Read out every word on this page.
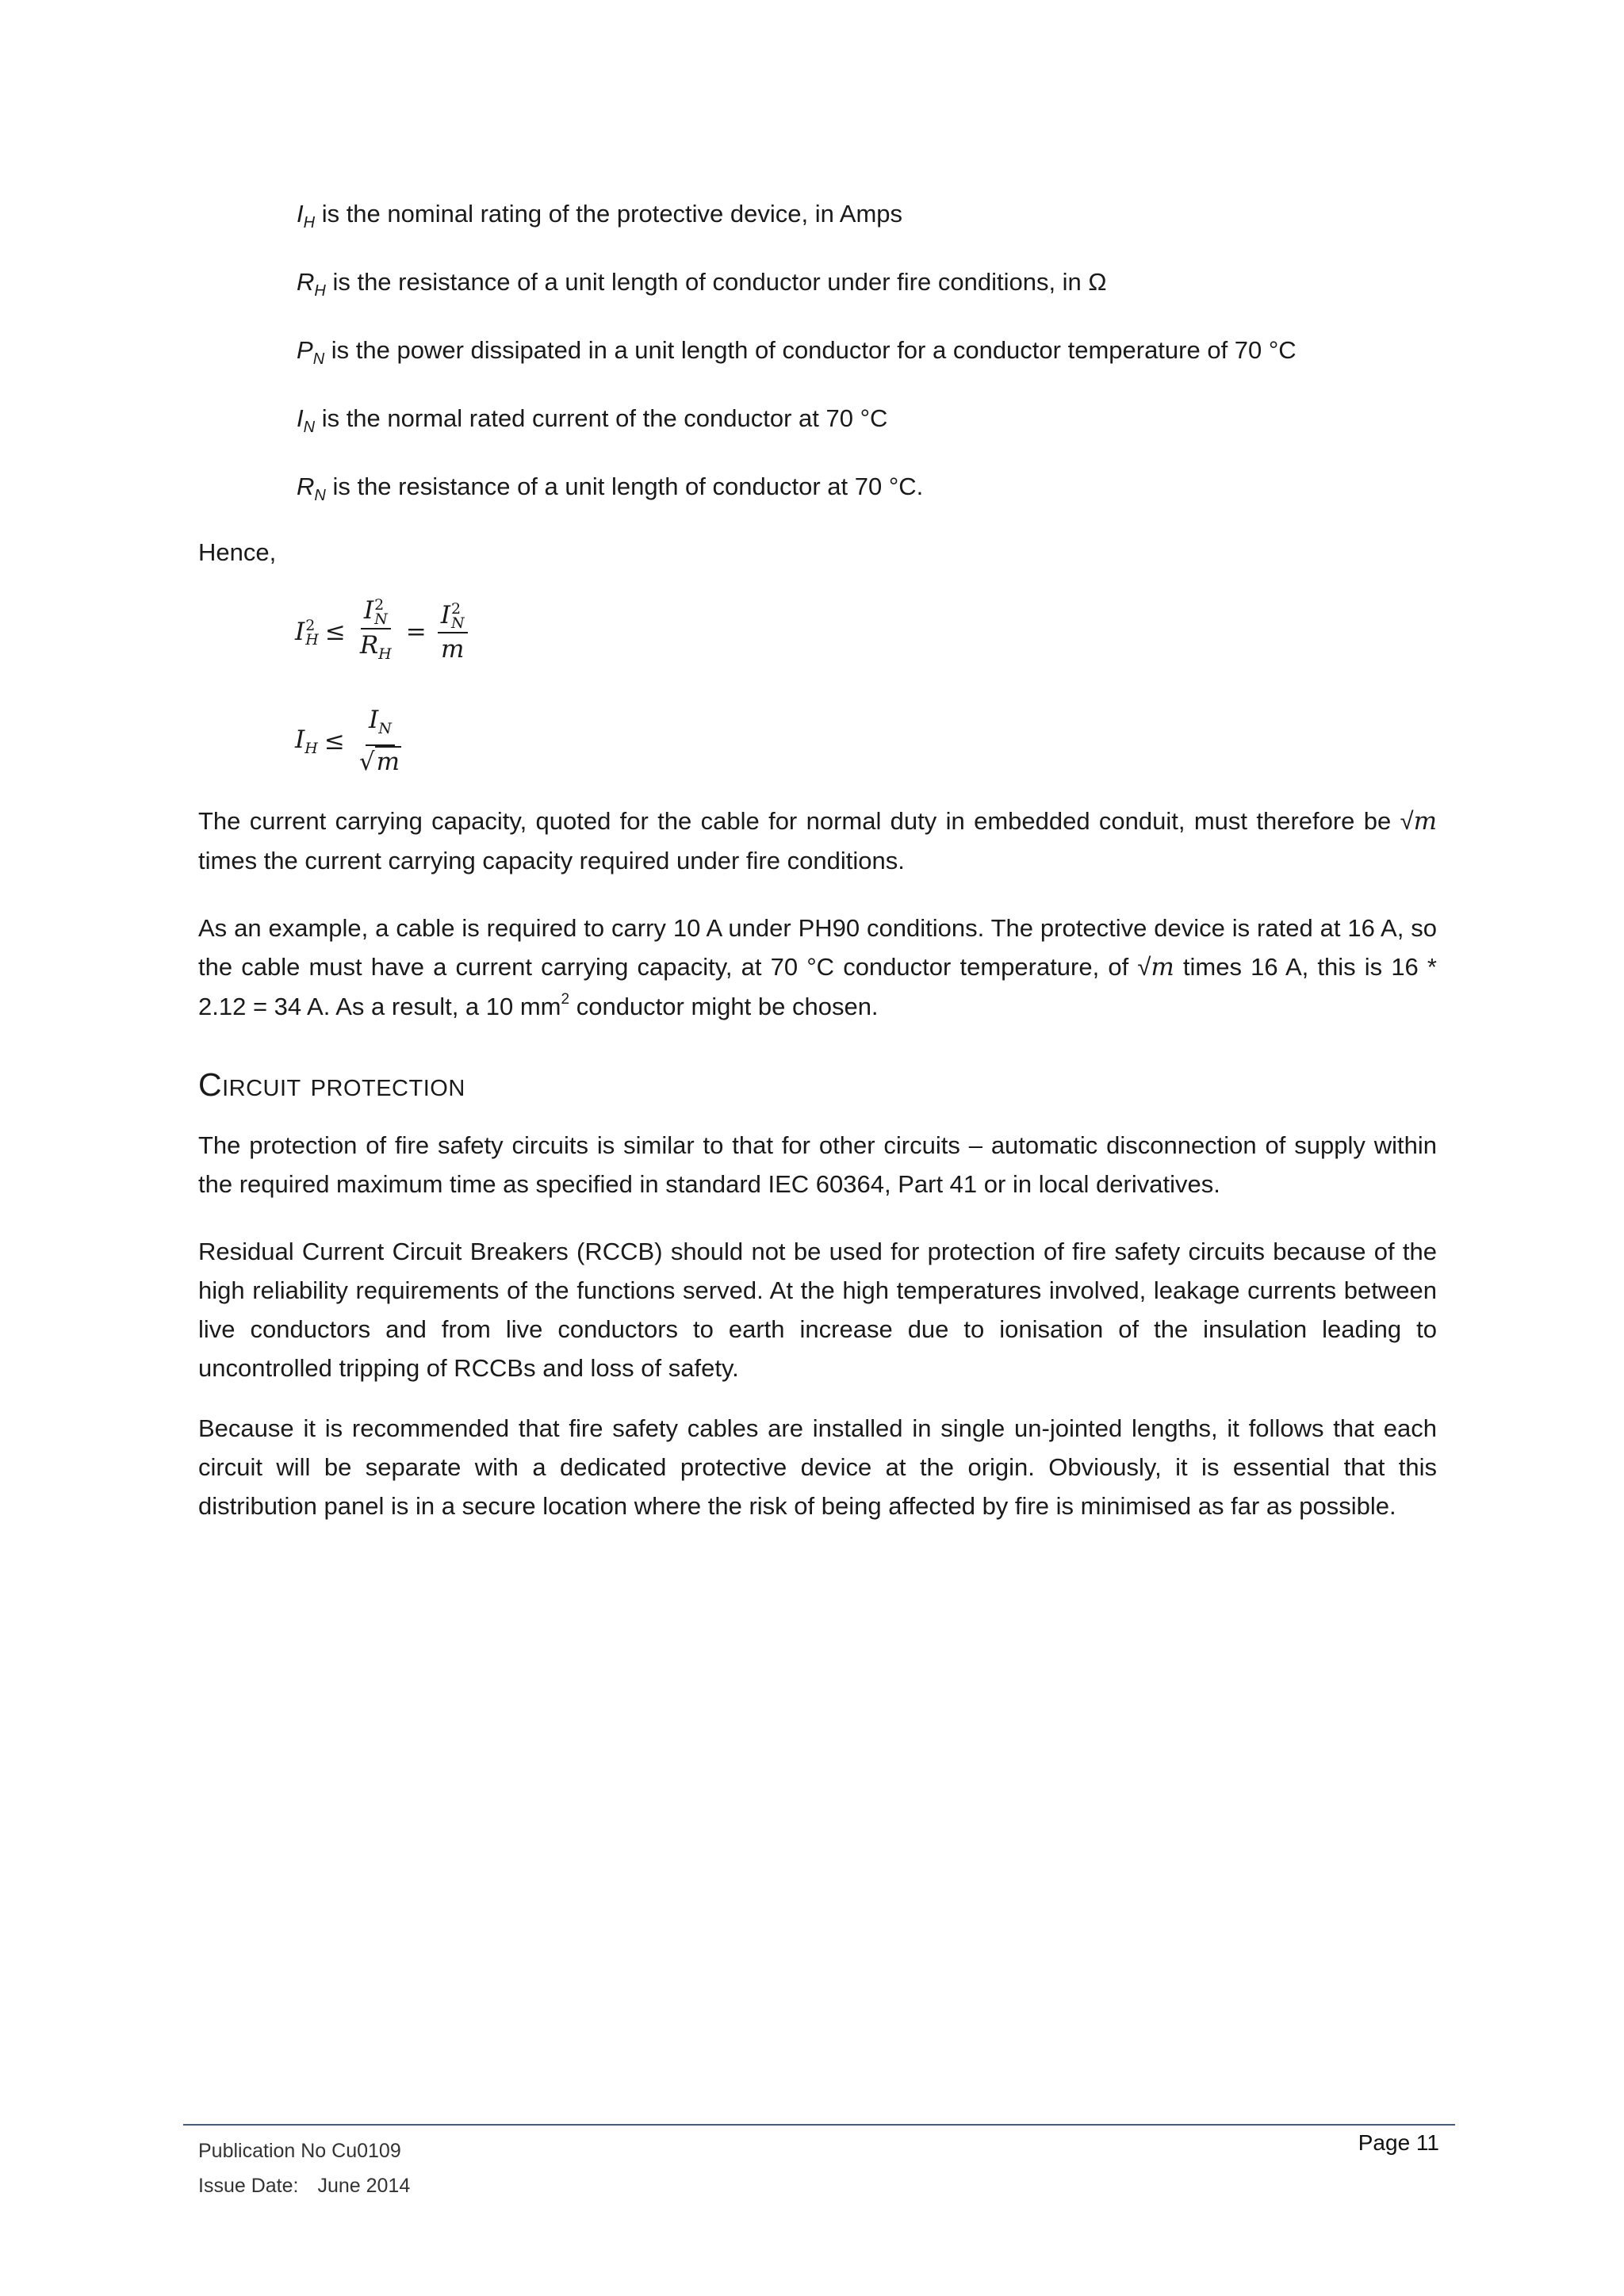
$I_H$ is the nominal rating of the protective device, in Amps
$R_H$ is the resistance of a unit length of conductor under fire conditions, in Ω
$P_N$ is the power dissipated in a unit length of conductor for a conductor temperature of 70 °C
$I_N$ is the normal rated current of the conductor at 70 °C
$R_N$ is the resistance of a unit length of conductor at 70 °C.
Hence,
I 2
H ≤ I 2
N
$R_H = I$ 2
N
m
$I_H \le \frac{I_N}{√m}$

The current carrying capacity, quoted for the cable for normal duty in embedded conduit, must therefore be √m times the current carrying capacity required under fire conditions.

As an example, a cable is required to carry 10 A under PH90 conditions. The protective device is rated at 16 A, so the cable must have a current carrying capacity, at 70 °C conductor temperature, of √m times 16 A, this is 16 * 2.12 = 34 A. As a result, a 10 $mm^2$ conductor might be chosen.

Circuit protection

The protection of fire safety circuits is similar to that for other circuits – automatic disconnection of supply within the required maximum time as specified in standard IEC 60364, Part 41 or in local derivatives.

Residual Current Circuit Breakers (RCCB) should not be used for protection of fire safety circuits because of the high reliability requirements of the functions served. At the high temperatures involved, leakage currents between live conductors and from live conductors to earth increase due to ionisation of the insulation leading to uncontrolled tripping of RCCBs and loss of safety.

Because it is recommended that fire safety cables are installed in single un-jointed lengths, it follows that each circuit will be separate with a dedicated protective device at the origin. Obviously, it is essential that this distribution panel is in a secure location where the risk of being affected by fire is minimised as far as possible.

Publication No Cu0109
Issue Date: June 2014
Page 11
